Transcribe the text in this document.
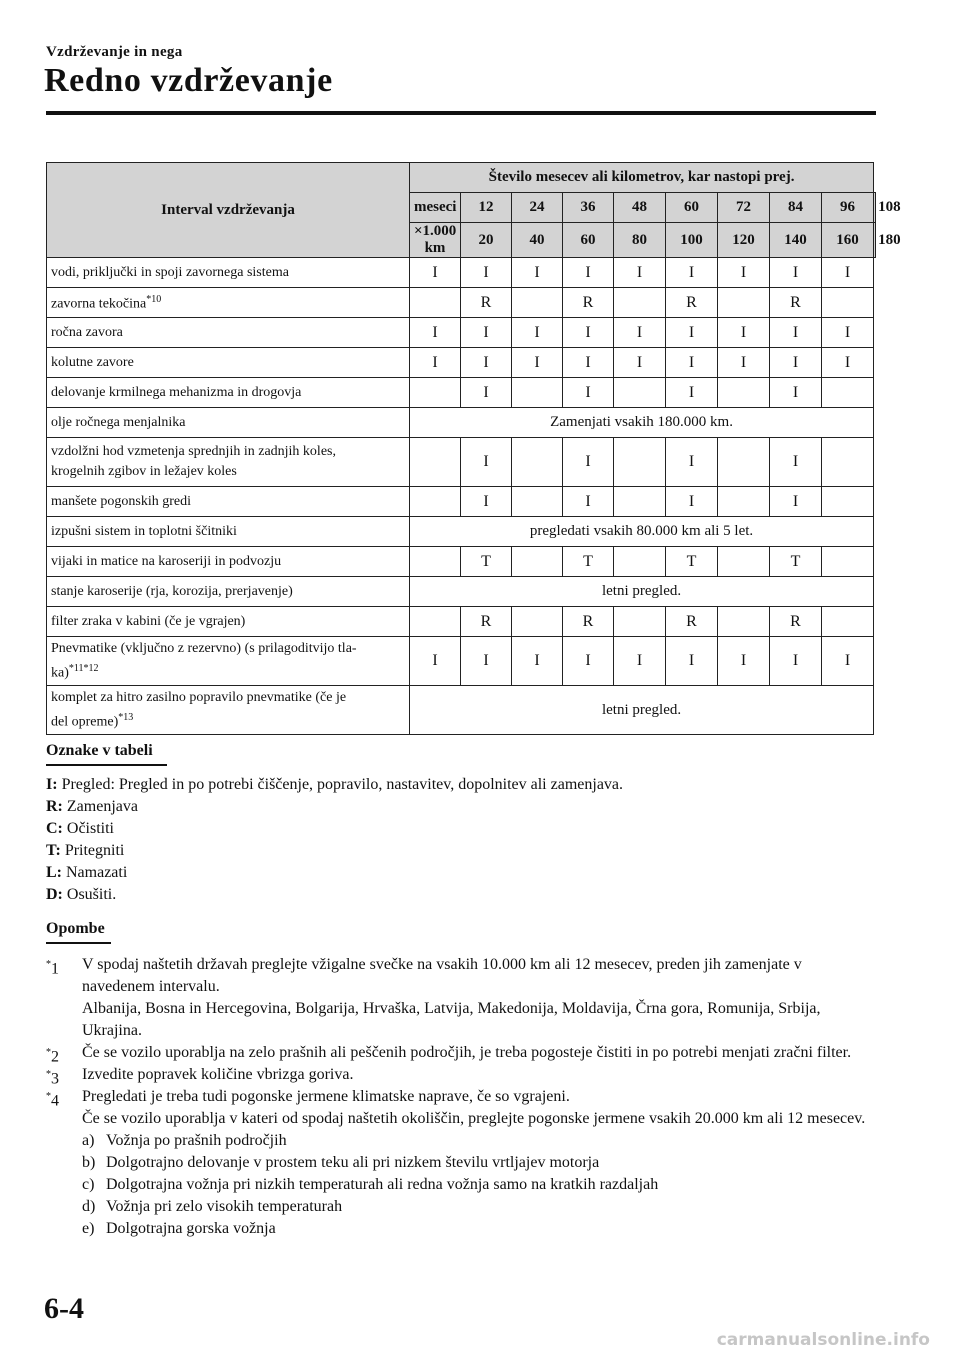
Vzdrževanje in nega
Redno vzdrževanje
Interval vzdrževanja	Število mesecev ali kilometrov, kar nastopi prej.									
	meseci	12	24	36	48	60	72	84	96	108
	×1.000 km	20	40	60	80	100	120	140	160	180
vodi, priključki in spoji zavornega sistema	I	I	I	I	I	I	I	I	I	
zavorna tekočina$^{*10}$		R		R		R		R		
ročna zavora	I	I	I	I	I	I	I	I	I	
kolutne zavore	I	I	I	I	I	I	I	I	I	
delovanje krmilnega mehanizma in drogovja		I		I		I		I		
olje ročnega menjalnika	Zamenjati vsakih 180.000 km.									
vzdolžni hod vzmetenja sprednjih in zadnjih koles,
krogelnih zgibov in ležajev koles		I		I		I		I		
manšete pogonskih gredi		I		I		I		I		
izpušni sistem in toplotni ščitniki	pregledati vsakih 80.000 km ali 5 let.									
vijaki in matice na karoseriji in podvozju		T		T		T		T		
stanje karoserije (rja, korozija, prerjavenje)	letni pregled.									
filter zraka v kabini (če je vgrajen)		R		R		R		R		
Pnevmatike (vključno z rezervno) (s prilagoditvijo tla-
ka)$^{*11*12}$	I	I	I	I	I	I	I	I	I	
komplet za hitro zasilno popravilo pnevmatike (če je
del opreme)$^{*13}$	letni pregled.									
Oznake v tabeli
I: Pregled: Pregled in po potrebi čiščenje, popravilo, nastavitev, dopolnitev ali zamenjava.
R: Zamenjava
C: Očistiti
T: Pritegniti
L: Namazati
D: Osušiti.
Opombe
*1 V spodaj naštetih državah preglejte vžigalne svečke na vsakih 10.000 km ali 12 mesecev, preden jih zamenjate v navedenem intervalu.
Albanija, Bosna in Hercegovina, Bolgarija, Hrvaška, Latvija, Makedonija, Moldavija, Črna gora, Romunija, Srbija, Ukrajina.
*2 Če se vozilo uporablja na zelo prašnih ali peščenih področjih, je treba pogosteje čistiti in po potrebi menjati zračni filter.
*3 Izvedite popravek količine vbrizga goriva.
*4 Pregledati je treba tudi pogonske jermene klimatske naprave, če so vgrajeni.
Če se vozilo uporablja v kateri od spodaj naštetih okoliščin, preglejte pogonske jermene vsakih 20.000 km ali 12 mesecev.
a) Vožnja po prašnih področjih
b) Dolgotrajno delovanje v prostem teku ali pri nizkem številu vrtljajev motorja
c) Dolgotrajna vožnja pri nizkih temperaturah ali redna vožnja samo na kratkih razdaljah
d) Vožnja pri zelo visokih temperaturah
e) Dolgotrajna gorska vožnja
6-4
carmanualsonline.info
